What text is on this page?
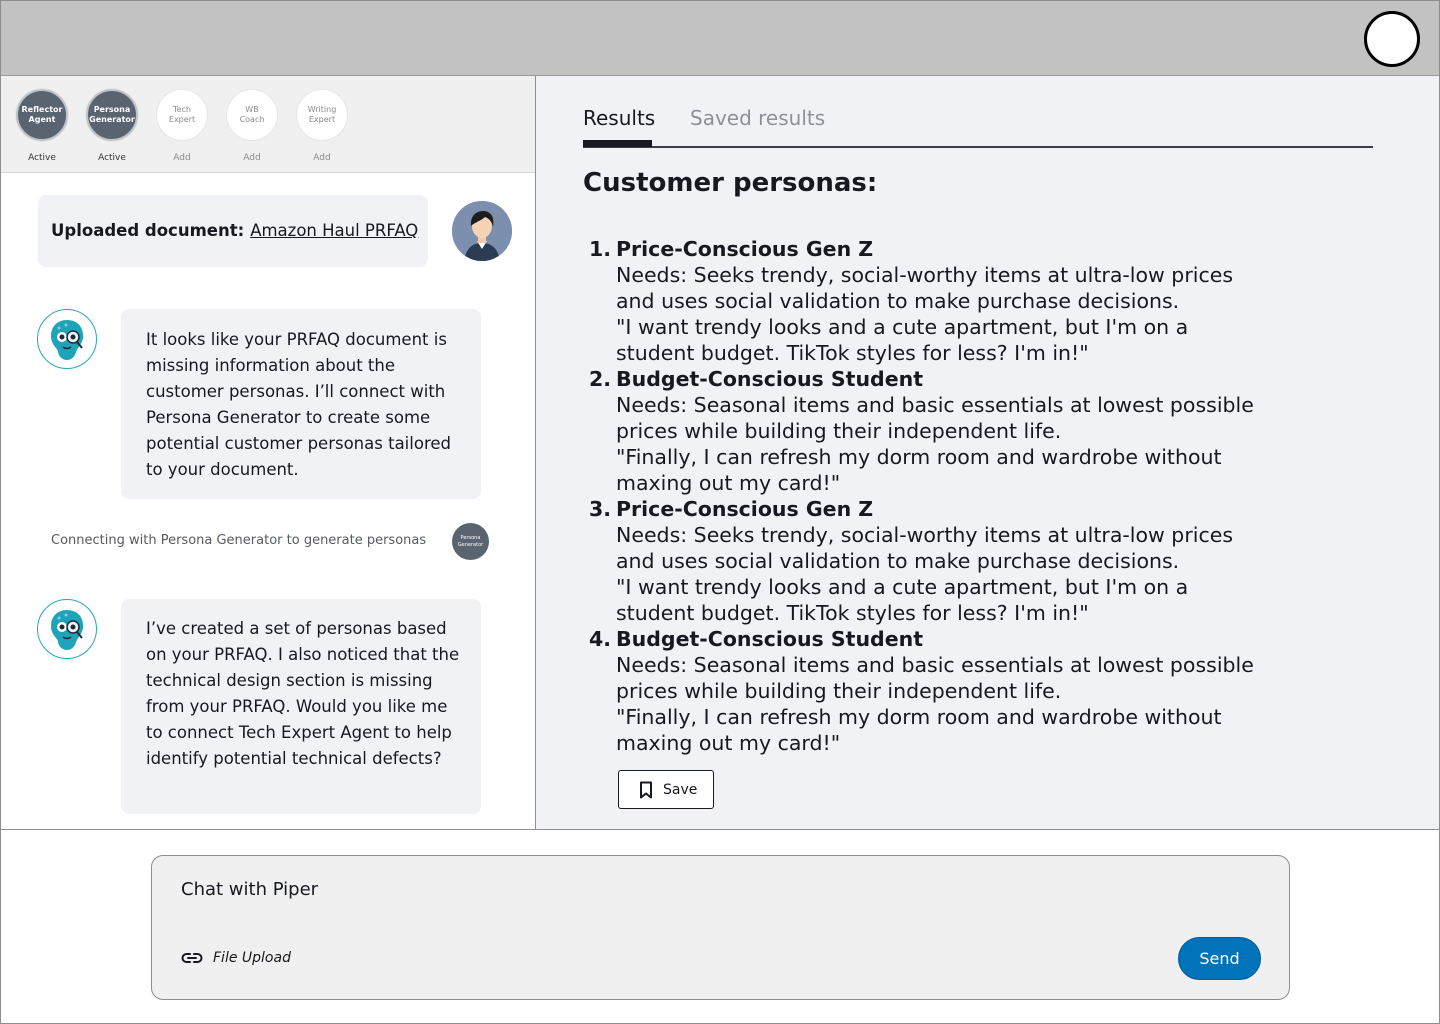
Reflector
Agent
Active
Persona
Generator
Active
Tech
Expert
Add
WB
Coach
Add
Writing
Expert
Add
Uploaded document: Amazon Haul PRFAQ
It looks like your PRFAQ document is missing information about the customer personas. I’ll connect with Persona Generator to create some potential customer personas tailored to your document.
Connecting with Persona Generator to generate personas	Persona
Generator
I’ve created a set of personas based on your PRFAQ. I also noticed that the technical design section is missing from your PRFAQ. Would you like me to connect Tech Expert Agent to help identify potential technical defects?
Results Saved results
Customer personas:
1. Price-Conscious Gen Z
Needs: Seeks trendy, social-worthy items at ultra-low prices
and uses social validation to make purchase decisions.
"I want trendy looks and a cute apartment, but I'm on a
student budget. TikTok styles for less? I'm in!"
2. Budget-Conscious Student
Needs: Seasonal items and basic essentials at lowest possible
prices while building their independent life.
"Finally, I can refresh my dorm room and wardrobe without
maxing out my card!"
3. Price-Conscious Gen Z
Needs: Seeks trendy, social-worthy items at ultra-low prices
and uses social validation to make purchase decisions.
"I want trendy looks and a cute apartment, but I'm on a
student budget. TikTok styles for less? I'm in!"
4. Budget-Conscious Student
Needs: Seasonal items and basic essentials at lowest possible
prices while building their independent life.
"Finally, I can refresh my dorm room and wardrobe without
maxing out my card!"
Save
Chat with Piper
File Upload	Send
